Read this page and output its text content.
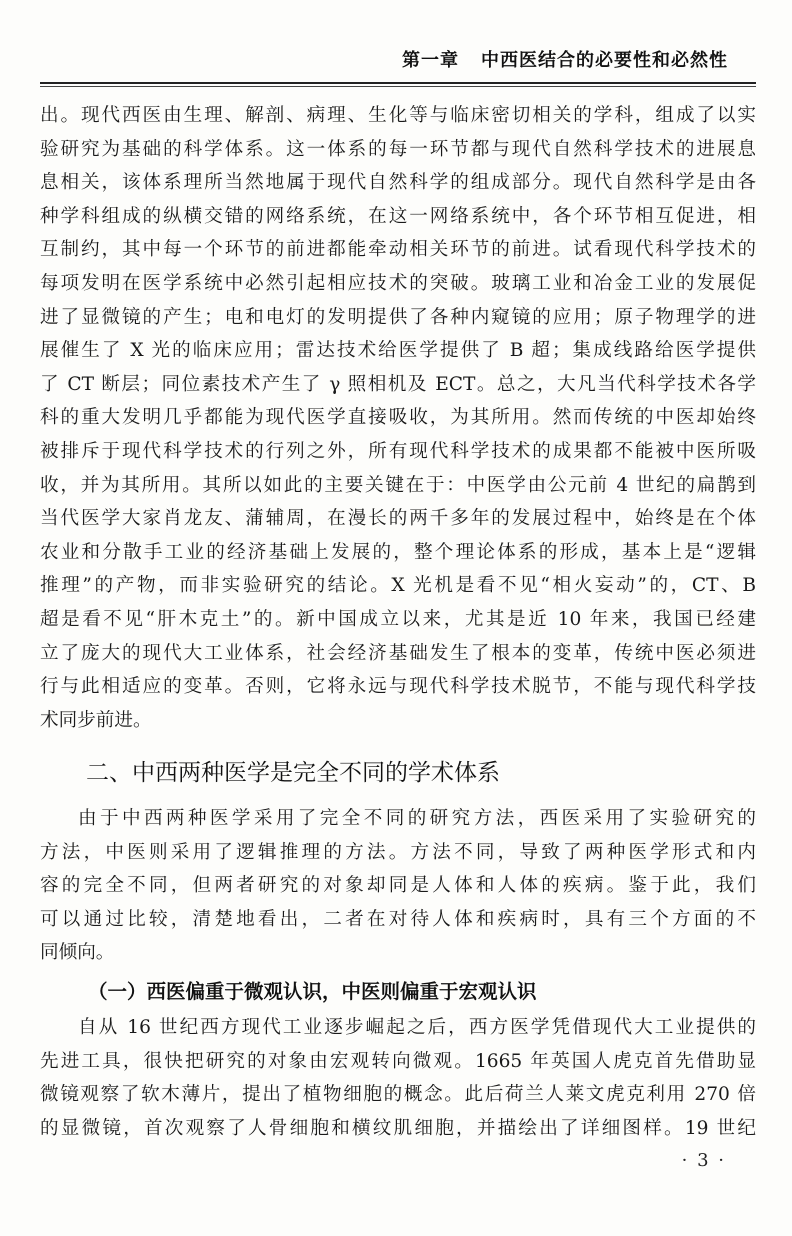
第一章 中西医结合的必要性和必然性
出。现代西医由生理、解剖、病理、生化等与临床密切相关的学科，组成了以实
验研究为基础的科学体系。这一体系的每一环节都与现代自然科学技术的进展息
息相关，该体系理所当然地属于现代自然科学的组成部分。现代自然科学是由各
种学科组成的纵横交错的网络系统，在这一网络系统中，各个环节相互促进，相
互制约，其中每一个环节的前进都能牵动相关环节的前进。试看现代科学技术的
每项发明在医学系统中必然引起相应技术的突破。玻璃工业和冶金工业的发展促
进了显微镜的产生；电和电灯的发明提供了各种内窥镜的应用；原子物理学的进
展催生了 X 光的临床应用；雷达技术给医学提供了 B 超；集成线路给医学提供
了 CT 断层；同位素技术产生了 γ 照相机及 ECT。总之，大凡当代科学技术各学
科的重大发明几乎都能为现代医学直接吸收，为其所用。然而传统的中医却始终
被排斥于现代科学技术的行列之外，所有现代科学技术的成果都不能被中医所吸
收，并为其所用。其所以如此的主要关键在于：中医学由公元前 4 世纪的扁鹊到
当代医学大家肖龙友、蒲辅周，在漫长的两千多年的发展过程中，始终是在个体
农业和分散手工业的经济基础上发展的，整个理论体系的形成，基本上是“逻辑
推理”的产物，而非实验研究的结论。X 光机是看不见“相火妄动”的，CT、B
超是看不见“肝木克土”的。新中国成立以来，尤其是近 10 年来，我国已经建
立了庞大的现代大工业体系，社会经济基础发生了根本的变革，传统中医必须进
行与此相适应的变革。否则，它将永远与现代科学技术脱节，不能与现代科学技
术同步前进。
二、中西两种医学是完全不同的学术体系
由于中西两种医学采用了完全不同的研究方法，西医采用了实验研究的
方法，中医则采用了逻辑推理的方法。方法不同，导致了两种医学形式和内
容的完全不同，但两者研究的对象却同是人体和人体的疾病。鉴于此，我们
可以通过比较，清楚地看出，二者在对待人体和疾病时，具有三个方面的不
同倾向。
（一）西医偏重于微观认识，中医则偏重于宏观认识
自从 16 世纪西方现代工业逐步崛起之后，西方医学凭借现代大工业提供的
先进工具，很快把研究的对象由宏观转向微观。1665 年英国人虎克首先借助显
微镜观察了软木薄片，提出了植物细胞的概念。此后荷兰人莱文虎克利用 270 倍
的显微镜，首次观察了人骨细胞和横纹肌细胞，并描绘出了详细图样。19 世纪
· 3 ·
